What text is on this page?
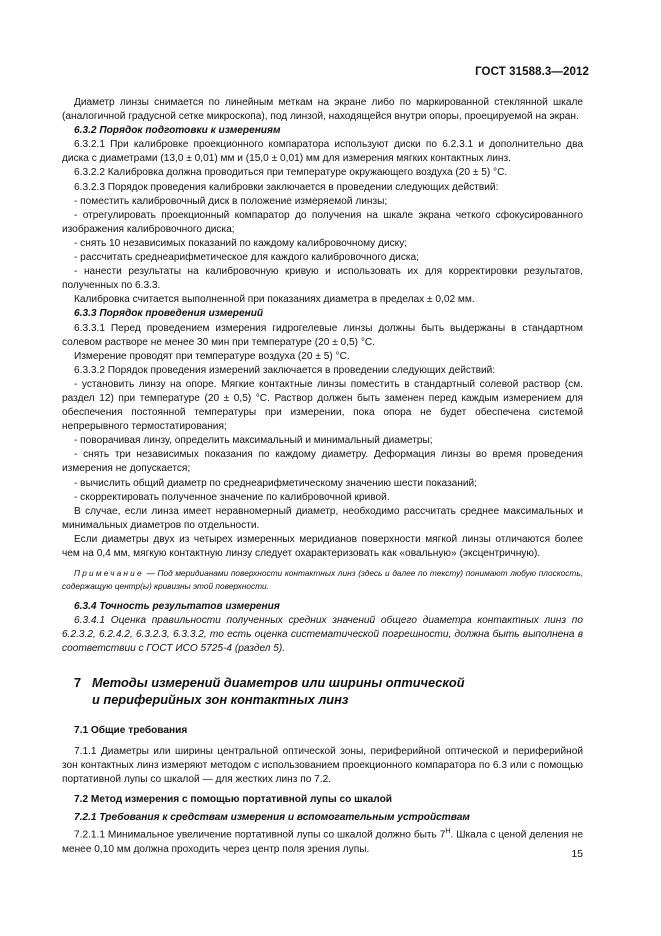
ГОСТ 31588.3—2012

Диаметр линзы снимается по линейным меткам на экране либо по маркированной стеклянной шкале (аналогичной градусной сетке микроскопа), под линзой, находящейся внутри опоры, проецируемой на экран.

6.3.2 Порядок подготовки к измерениям

6.3.2.1 При калибровке проекционного компаратора используют диски по 6.2.3.1 и дополнительно два диска с диаметрами (13,0 ± 0,01) мм и (15,0 ± 0,01) мм для измерения мягких контактных линз.

6.3.2.2 Калибровка должна проводиться при температуре окружающего воздуха (20 ± 5) °С.

6.3.2.3 Порядок проведения калибровки заключается в проведении следующих действий:

- поместить калибровочный диск в положение измеряемой линзы;

- отрегулировать проекционный компаратор до получения на шкале экрана четкого сфокусированного изображения калибровочного диска;

- снять 10 независимых показаний по каждому калибровочному диску;

- рассчитать среднеарифметическое для каждого калибровочного диска;

- нанести результаты на калибровочную кривую и использовать их для корректировки результатов, полученных по 6.3.3.

Калибровка считается выполненной при показаниях диаметра в пределах ± 0,02 мм.

6.3.3 Порядок проведения измерений

6.3.3.1 Перед проведением измерения гидрогелевые линзы должны быть выдержаны в стандартном солевом растворе не менее 30 мин при температуре (20 ± 0,5) °С.

Измерение проводят при температуре воздуха (20 ± 5) °С.

6.3.3.2 Порядок проведения измерений заключается в проведении следующих действий:

- установить линзу на опоре. Мягкие контактные линзы поместить в стандартный солевой раствор (см. раздел 12) при температуре (20 ± 0,5) °С. Раствор должен быть заменен перед каждым измерением для обеспечения постоянной температуры при измерении, пока опора не будет обеспечена системой непрерывного термостатирования;

- поворачивая линзу, определить максимальный и минимальный диаметры;

- снять три независимых показания по каждому диаметру. Деформация линзы во время проведения измерения не допускается;

- вычислить общий диаметр по среднеарифметическому значению шести показаний;

- скорректировать полученное значение по калибровочной кривой.

В случае, если линза имеет неравномерный диаметр, необходимо рассчитать среднее максимальных и минимальных диаметров по отдельности.

Если диаметры двух из четырех измеренных меридианов поверхности мягкой линзы отличаются более чем на 0,4 мм, мягкую контактную линзу следует охарактеризовать как «овальную» (эксцентричную).

Примечание — Под меридианами поверхности контактных линз (здесь и далее по тексту) понимают любую плоскость, содержащую центр(ы) кривизны этой поверхности.

6.3.4 Точность результатов измерения

6.3.4.1 Оценка правильности полученных средних значений общего диаметра контактных линз по 6.2.3.2, 6.2.4.2, 6.3.2.3, 6.3.3.2, то есть оценка систематической погрешности, должна быть выполнена в соответствии с ГОСТ ИСО 5725-4 (раздел 5).

7 Методы измерений диаметров или ширины оптической
и периферийных зон контактных линз

7.1 Общие требования

7.1.1 Диаметры или ширины центральной оптической зоны, периферийной оптической и периферийной зон контактных линз измеряют методом с использованием проекционного компаратора по 6.3 или с помощью портативной лупы со шкалой — для жестких линз по 7.2.

7.2 Метод измерения с помощью портативной лупы со шкалой

7.2.1 Требования к средствам измерения и вспомогательным устройствам

7.2.1.1 Минимальное увеличение портативной лупы со шкалой должно быть $7^Н$. Шкала с ценой деления не менее 0,10 мм должна проходить через центр поля зрения лупы.	15
